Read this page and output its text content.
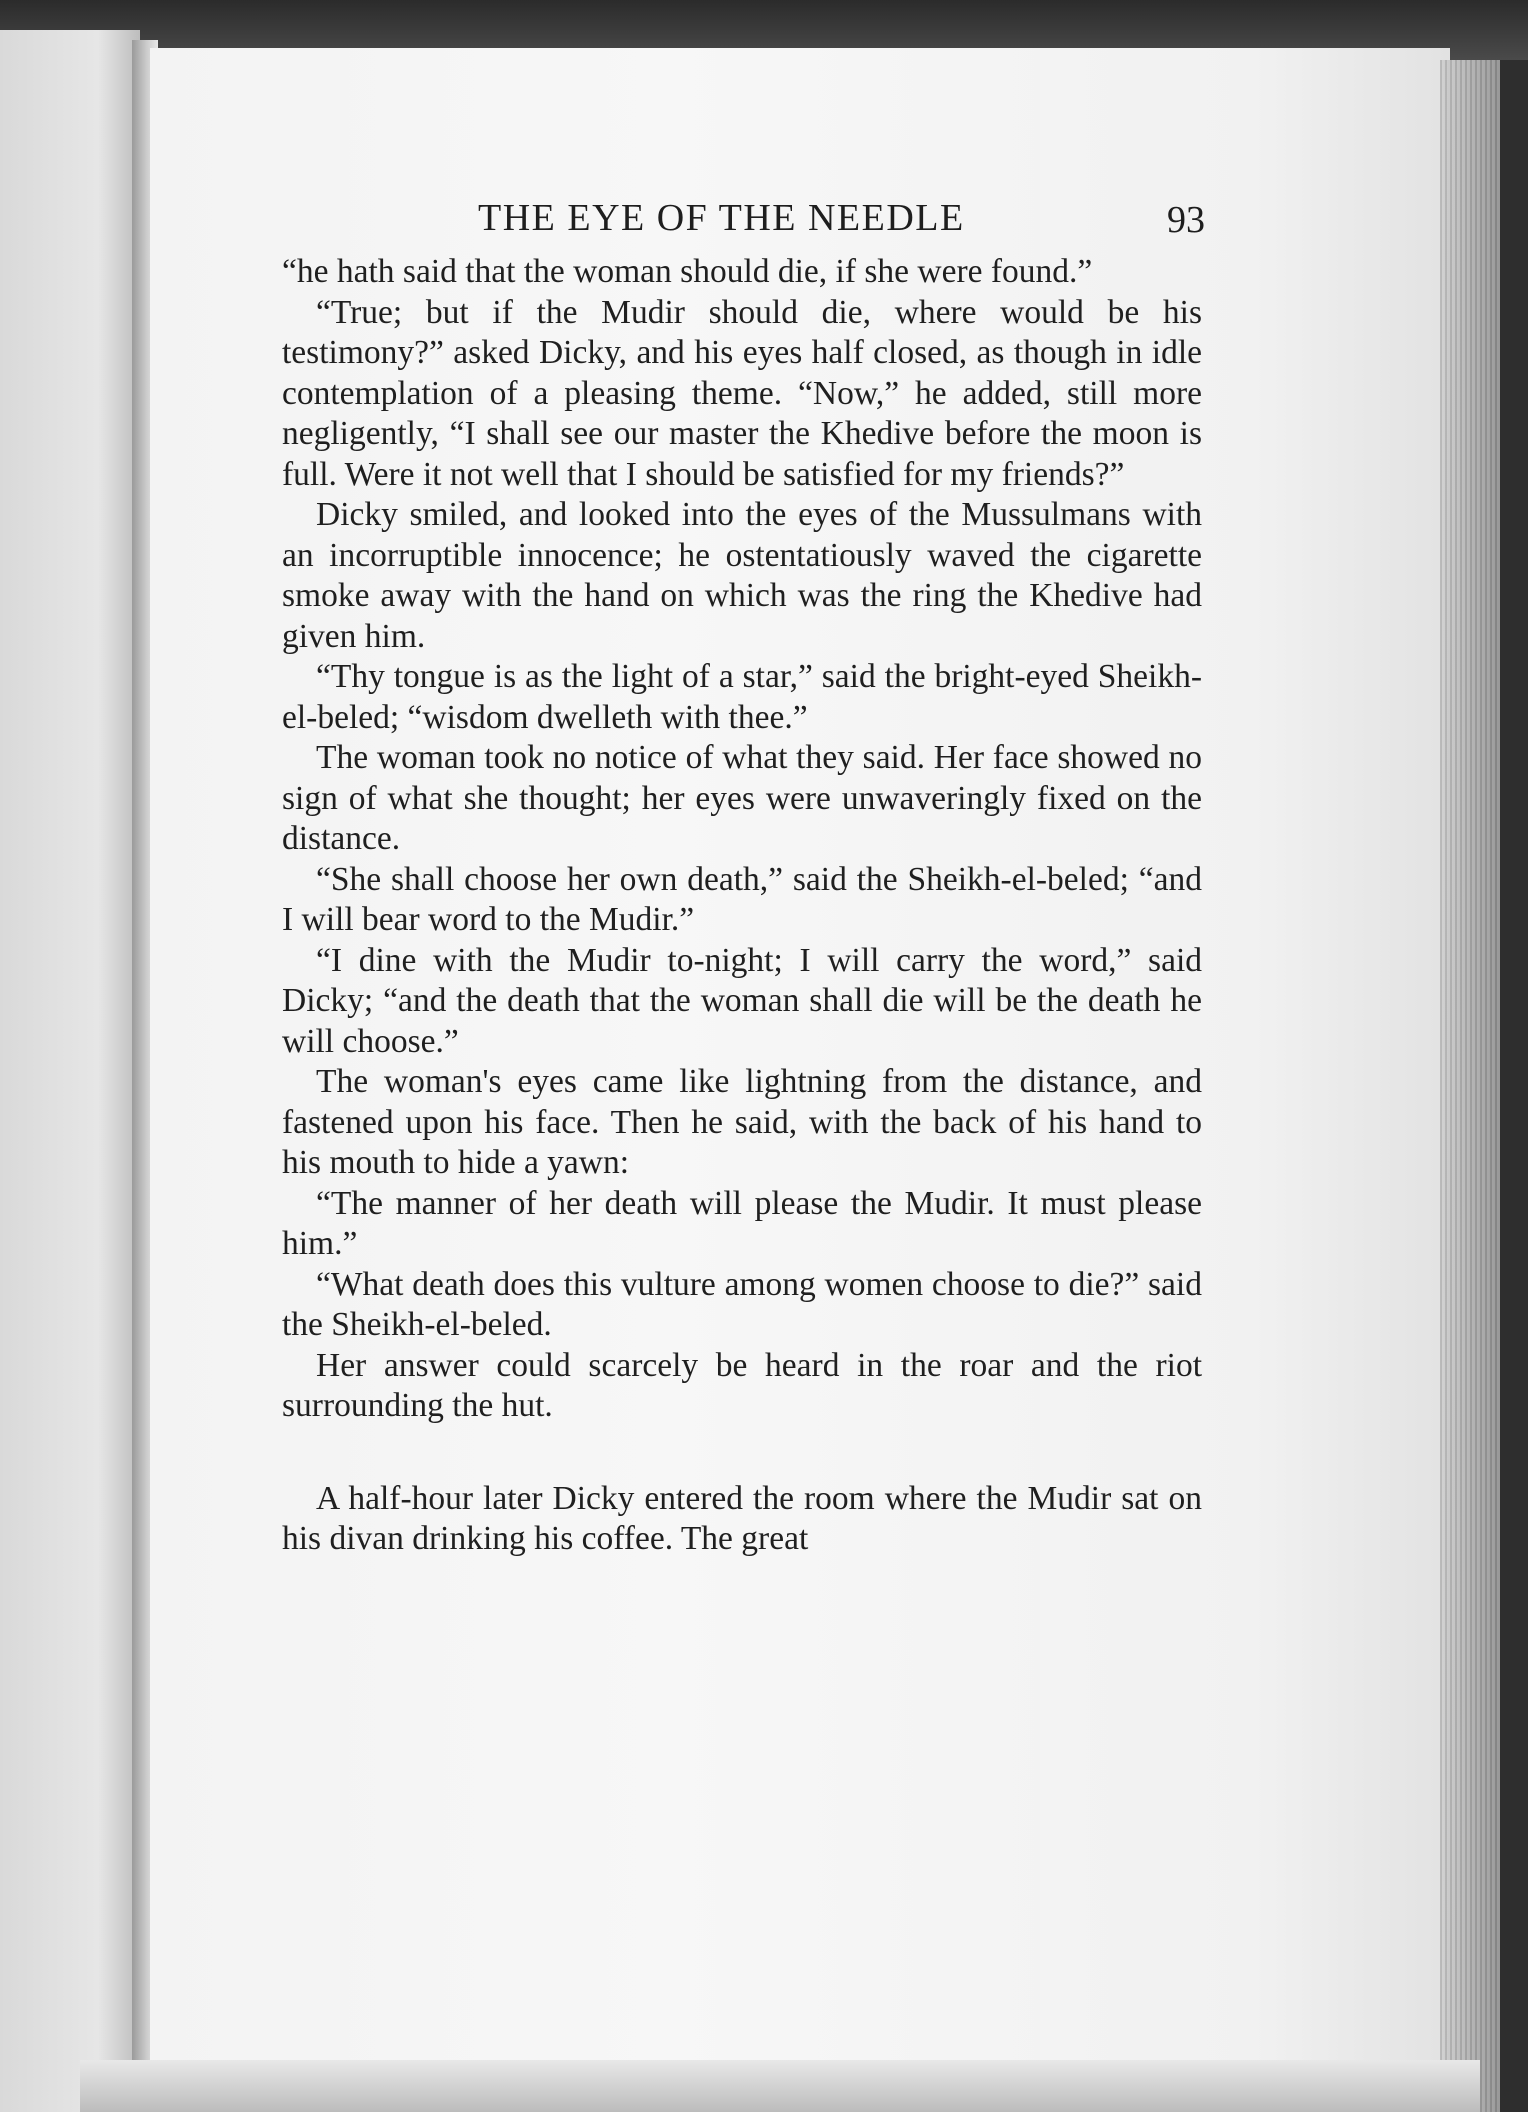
THE EYE OF THE NEEDLE	93

“he hath said that the woman should die, if she were found.”

“True; but if the Mudir should die, where would be his testimony?” asked Dicky, and his eyes half closed, as though in idle contemplation of a pleasing theme. “Now,” he added, still more negligently, “I shall see our master the Khedive before the moon is full. Were it not well that I should be satisfied for my friends?”

Dicky smiled, and looked into the eyes of the Mussulmans with an incorruptible innocence; he ostentatiously waved the cigarette smoke away with the hand on which was the ring the Khedive had given him.

“Thy tongue is as the light of a star,” said the bright-eyed Sheikh-el-beled; “wisdom dwelleth with thee.”

The woman took no notice of what they said. Her face showed no sign of what she thought; her eyes were unwaveringly fixed on the distance.

“She shall choose her own death,” said the Sheikh-el-beled; “and I will bear word to the Mudir.”

“I dine with the Mudir to-night; I will carry the word,” said Dicky; “and the death that the woman shall die will be the death he will choose.”

The woman's eyes came like lightning from the distance, and fastened upon his face. Then he said, with the back of his hand to his mouth to hide a yawn:

“The manner of her death will please the Mudir. It must please him.”

“What death does this vulture among women choose to die?” said the Sheikh-el-beled.

Her answer could scarcely be heard in the roar and the riot surrounding the hut.

A half-hour later Dicky entered the room where the Mudir sat on his divan drinking his coffee. The great
